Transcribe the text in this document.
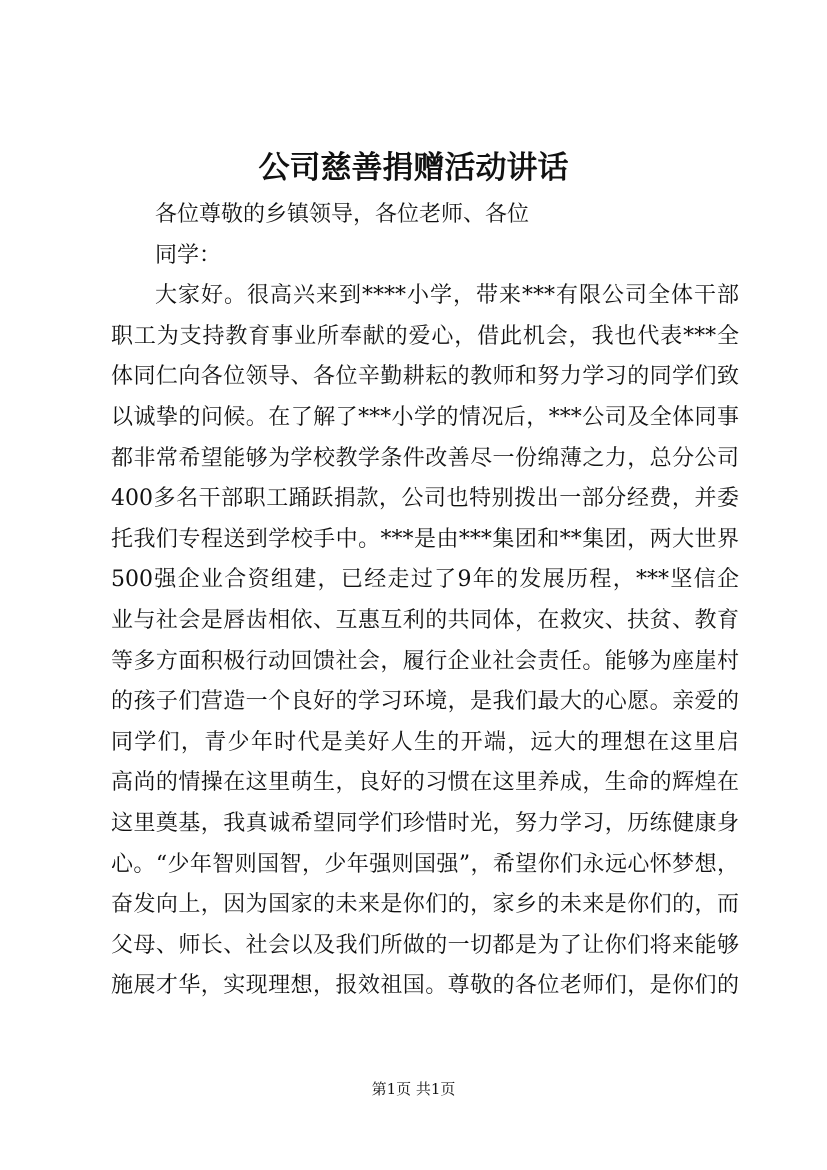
公司慈善捐赠活动讲话
各位尊敬的乡镇领导，各位老师、各位
同学：
大家好。很高兴来到****小学，带来***有限公司全体干部
职工为支持教育事业所奉献的爱心，借此机会，我也代表***全
体同仁向各位领导、各位辛勤耕耘的教师和努力学习的同学们致
以诚挚的问候。在了解了***小学的情况后，***公司及全体同事
都非常希望能够为学校教学条件改善尽一份绵薄之力，总分公司
400多名干部职工踊跃捐款，公司也特别拨出一部分经费，并委
托我们专程送到学校手中。***是由***集团和**集团，两大世界
500强企业合资组建，已经走过了9年的发展历程，***坚信企
业与社会是唇齿相依、互惠互利的共同体，在救灾、扶贫、教育
等多方面积极行动回馈社会，履行企业社会责任。能够为座崖村
的孩子们营造一个良好的学习环境，是我们最大的心愿。亲爱的
同学们，青少年时代是美好人生的开端，远大的理想在这里启
高尚的情操在这里萌生，良好的习惯在这里养成，生命的辉煌在
这里奠基，我真诚希望同学们珍惜时光，努力学习，历练健康身
心。“少年智则国智，少年强则国强”，希望你们永远心怀梦想，
奋发向上，因为国家的未来是你们的，家乡的未来是你们的，而
父母、师长、社会以及我们所做的一切都是为了让你们将来能够
施展才华，实现理想，报效祖国。尊敬的各位老师们，是你们的
第1页 共1页
